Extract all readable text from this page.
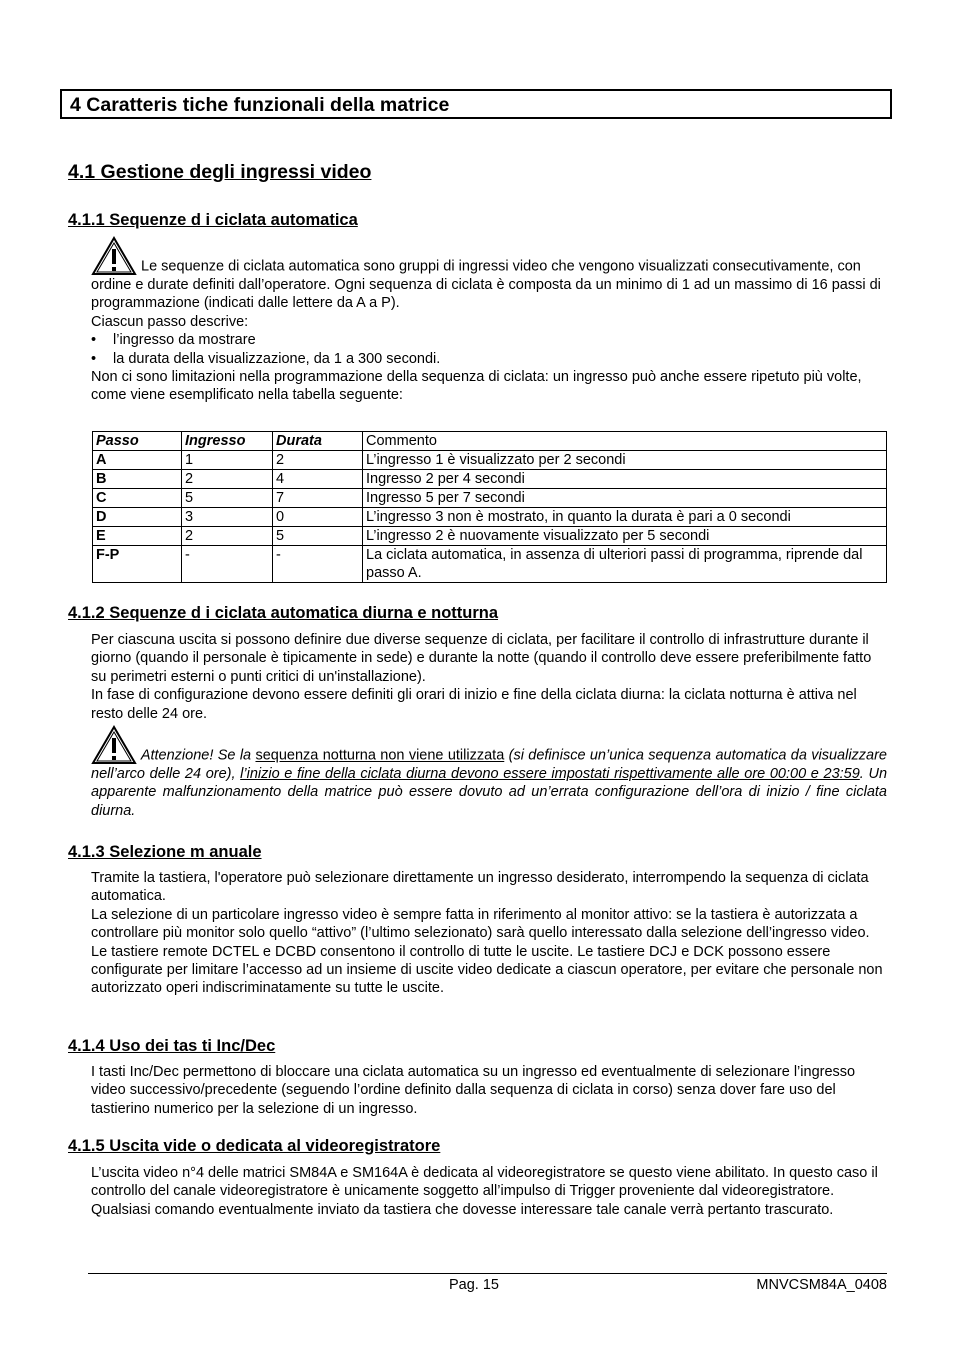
4 Caratteris tiche funzionali della matrice
4.1 Gestione degli ingressi video
4.1.1 Sequenze d i ciclata automatica

Le sequenze di ciclata automatica sono gruppi di ingressi video che vengono visualizzati consecutivamente, con ordine e durate definiti dall’operatore. Ogni sequenza di ciclata è composta da un minimo di 1 ad un massimo di 16 passi di programmazione (indicati dalle lettere da A a P).

Ciascun passo descrive:

• l’ingresso da mostrare
• la durata della visualizzazione, da 1 a 300 secondi.

Non ci sono limitazioni nella programmazione della sequenza di ciclata: un ingresso può anche essere ripetuto più volte, come viene esemplificato nella tabella seguente:

Passo	Ingresso	Durata	Commento
A	1	2	L’ingresso 1 è visualizzato per 2 secondi
B	2	4	Ingresso 2 per 4 secondi
C	5	7	Ingresso 5 per 7 secondi
D	3	0	L’ingresso 3 non è mostrato, in quanto la durata è pari a 0 secondi
E	2	5	L’ingresso 2 è nuovamente visualizzato per 5 secondi
F-P	-	-	La ciclata automatica, in assenza di ulteriori passi di programma, riprende dal passo A.
4.1.2 Sequenze d i ciclata automatica diurna e notturna

Per ciascuna uscita si possono definire due diverse sequenze di ciclata, per facilitare il controllo di infrastrutture durante il giorno (quando il personale è tipicamente in sede) e durante la notte (quando il controllo deve essere preferibilmente fatto su perimetri esterni o punti critici di un'installazione).

In fase di configurazione devono essere definiti gli orari di inizio e fine della ciclata diurna: la ciclata notturna è attiva nel resto delle 24 ore.

Attenzione! Se la sequenza notturna non viene utilizzata (si definisce un’unica sequenza automatica da visualizzare nell’arco delle 24 ore), l’inizio e fine della ciclata diurna devono essere impostati rispettivamente alle ore 00:00 e 23:59. Un apparente malfunzionamento della matrice può essere dovuto ad un’errata configurazione dell’ora di inizio / fine ciclata diurna.

4.1.3 Selezione m anuale

Tramite la tastiera, l'operatore può selezionare direttamente un ingresso desiderato, interrompendo la sequenza di ciclata automatica.

La selezione di un particolare ingresso video è sempre fatta in riferimento al monitor attivo: se la tastiera è autorizzata a controllare più monitor solo quello “attivo” (l’ultimo selezionato) sarà quello interessato dalla selezione dell’ingresso video.

Le tastiere remote DCTEL e DCBD consentono il controllo di tutte le uscite. Le tastiere DCJ e DCK possono essere configurate per limitare l’accesso ad un insieme di uscite video dedicate a ciascun operatore, per evitare che personale non autorizzato operi indiscriminatamente su tutte le uscite.

4.1.4 Uso dei tas ti Inc/Dec

I tasti Inc/Dec permettono di bloccare una ciclata automatica su un ingresso ed eventualmente di selezionare l’ingresso video successivo/precedente (seguendo l’ordine definito dalla sequenza di ciclata in corso) senza dover fare uso del tastierino numerico per la selezione di un ingresso.

4.1.5 Uscita vide o dedicata al videoregistratore

L’uscita video n°4 delle matrici SM84A e SM164A è dedicata al videoregistratore se questo viene abilitato. In questo caso il controllo del canale videoregistratore è unicamente soggetto all’impulso di Trigger proveniente dal videoregistratore. Qualsiasi comando eventualmente inviato da tastiera che dovesse interessare tale canale verrà pertanto trascurato.

Pag. 15	MNVCSM84A_0408
